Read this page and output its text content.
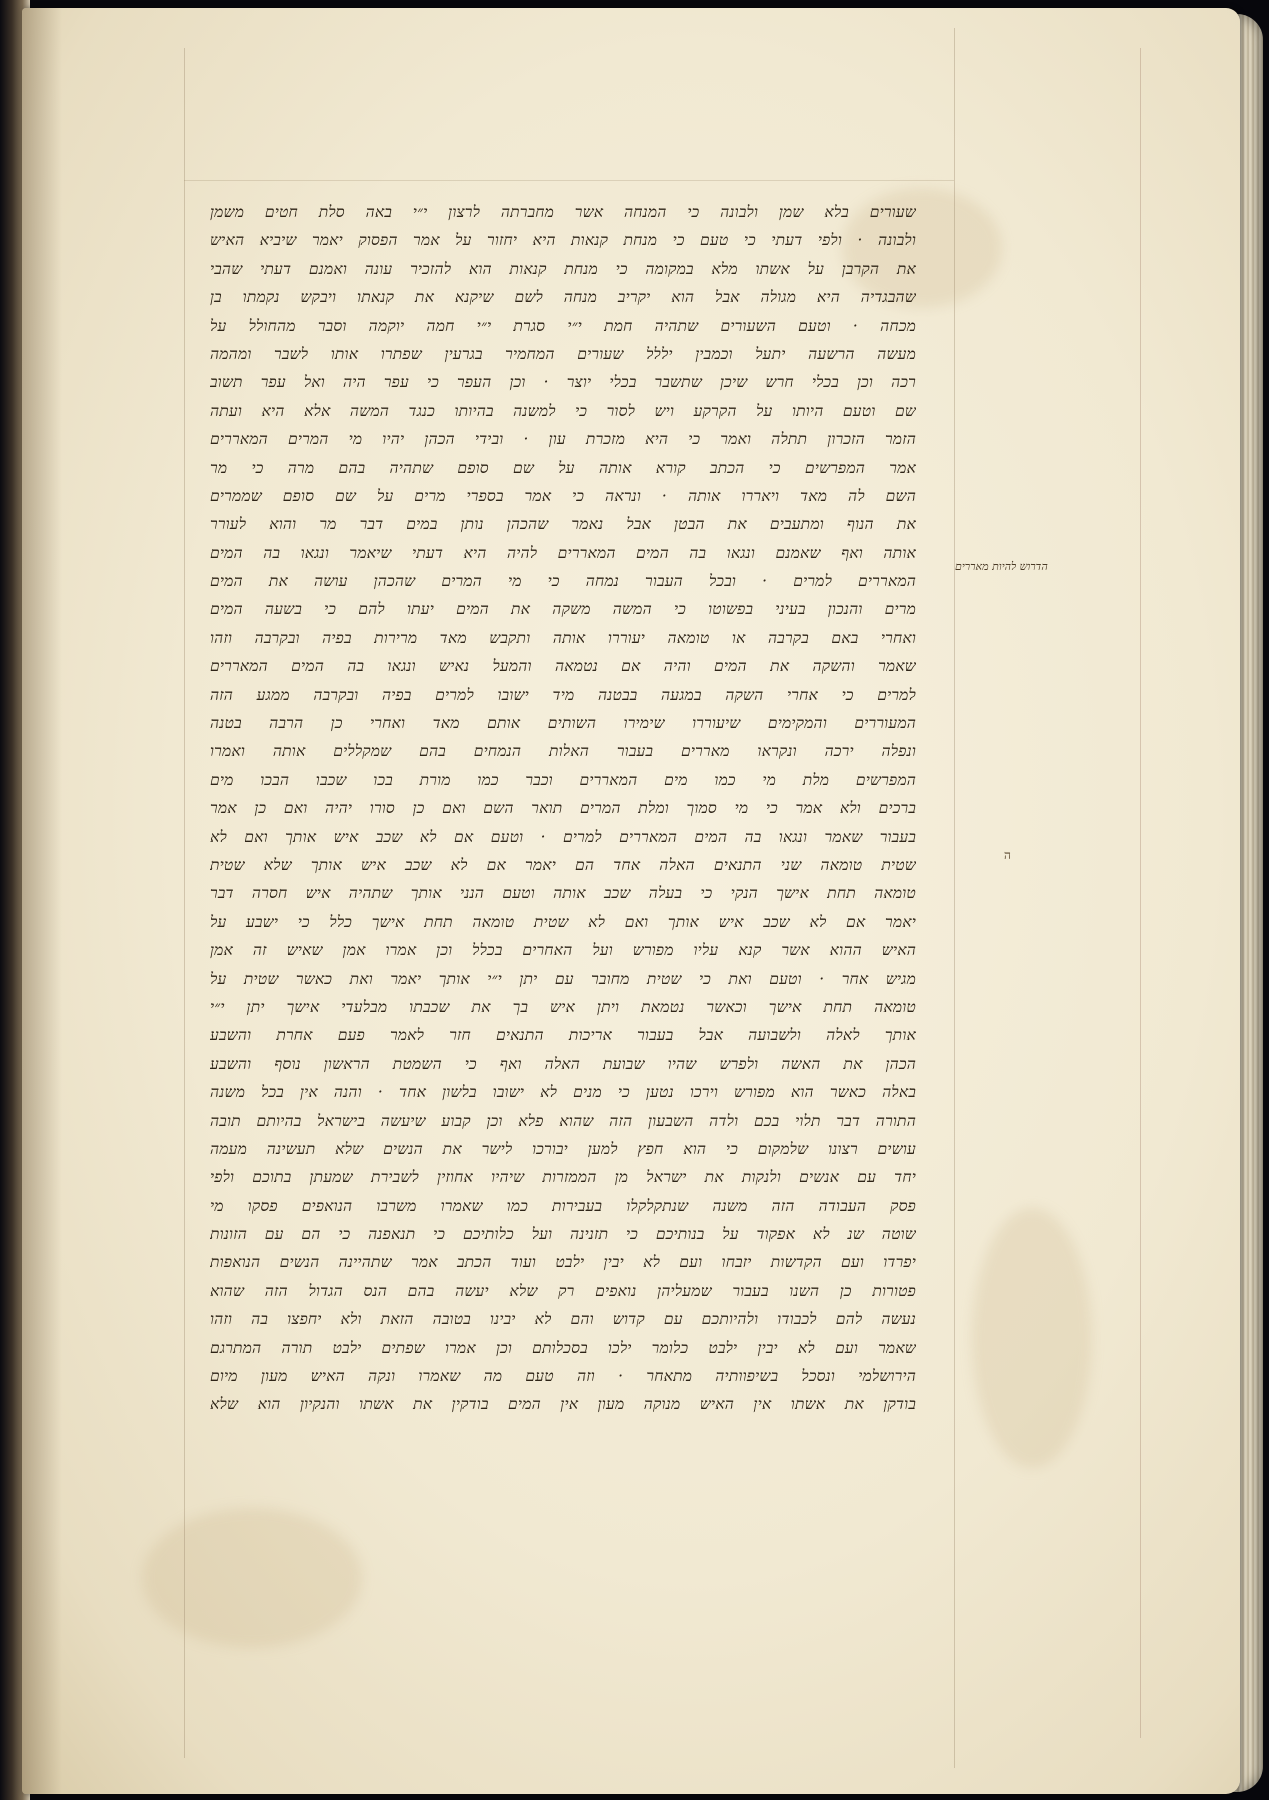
שעורים בלא שמן ולבונה כי המנחה אשר מחברתה לרצון י״י באה סלת חטים משמן
ולבונה · ולפי דעתי כי טעם כי מנחת קנאות היא יחזור על אמר הפסוק יאמר שיביא האיש
את הקרבן על אשתו מלא במקומה כי מנחת קנאות הוא להזכיר עונה ואמנם דעתי שהבי
שהבגדיה היא מגולה אבל הוא יקריב מנחה לשם שיקנא את קנאתו ויבקש נקמתו בן
מכחה · וטעם השעורים שתהיה חמת י״י סגרת י״י חמה יוקמה וסבר מהחולל על
מעשה הרשעה יתעל וכמבין יללל שעורים המחמיר בגרעין שפתרו אותו לשבר ומהמה
רכה וכן בכלי חרש שיכן שתשבר בכלי יוצר · וכן העפר כי עפר היה ואל עפר תשוב
שם וטעם היותו על הקרקע ויש לסור כי למשנה בהיותו כנגד המשה אלא היא ועתה
הזמר הזכרון תתלה ואמר כי היא מזכרת עון · ובידי הכהן יהיו מי המרים המאררים
אמר המפרשים כי הכתב קורא אותה על שם סופם שתהיה בהם מרה כי מר
השם לה מאד ויאררו אותה · ונראה כי אמר בספרי מרים על שם סופם שממרים
את הנוף ומתעבים את הבטן אבל נאמר שהכהן נותן במים דבר מר והוא לעורר
אותה ואף שאמנם ונגאו בה המים המאררים להיה היא דעתי שיאמר ונגאו בה המים
המאררים למרים · ובכל העבור נמחה כי מי המרים שהכהן עושה את המים
מרים והנכון בעיני בפשוטו כי המשה משקה את המים יעתו להם כי בשעה המים
ואחרי באם בקרבה או טומאה יעוררו אותה ותקבש מאד מרירות בפיה ובקרבה וזהו
שאמר והשקה את המים והיה אם נטמאה והמעל נאיש ונגאו בה המים המאררים
למרים כי אחרי השקה במגעה בבטנה מיד ישובו למרים בפיה ובקרבה ממגע הזה
המעוררים והמקימים שיעוררו שימירו השותים אותם מאד ואחרי כן הרבה בטנה
ונפלה ירכה ונקראו מאררים בעבור האלות הנמחים בהם שמקללים אותה ואמרו
המפרשים מלת מי כמו מים המאררים וכבר כמו מורת בכו שכבו הבכו מים
ברכים ולא אמר כי מי סמוך ומלת המרים תואר השם ואם כן סורו יהיה ואם כן אמר
בעבור שאמר ונגאו בה המים המאררים למרים · וטעם אם לא שכב איש אותך ואם לא
שטית טומאה שני התנאים האלה אחד הם יאמר אם לא שכב איש אותך שלא שטית
טומאה תחת אישך הנקי כי בעלה שכב אותה וטעם הנני אותך שתהיה איש חסרה דבר
יאמר אם לא שכב איש אותך ואם לא שטית טומאה תחת אישך כלל כי ישבע על
האיש ההוא אשר קנא עליו מפורש ועל האחרים בכלל וכן אמרו אמן שאיש זה אמן
מגיש אחר · וטעם ואת כי שטית מחובר עם יתן י״י אותך יאמר ואת כאשר שטית על
טומאה תחת אישך וכאשר נטמאת ויתן איש בך את שכבתו מבלעדי אישך יתן י״י
אותך לאלה ולשבועה אבל בעבור אריכות התנאים חזר לאמר פעם אחרת והשבע
הכהן את האשה ולפרש שהיו שבועת האלה ואף כי השמטת הראשון נוסף והשבע
באלה כאשר הוא מפורש וירכו נטען כי מנים לא ישובו בלשון אחד · והנה אין בכל משנה
התורה דבר תלוי בכם ולדה השבעון הזה שהוא פלא וכן קבוע שיעשה בישראל בהיותם תובה
עושים רצונו שלמקום כי הוא חפץ למען יבורכו לישר את הנשים שלא תעשינה מעמה
יחד עם אנשים ולנקות את ישראל מן הממזרות שיהיו אחוזין לשבירת שמעתן בתוכם ולפי
פסק העבודה הזה משנה שנתקלקלו בעבירות כמו שאמרו משרבו הנואפים פסקו מי
שוטה שנ לא אפקוד על בנותיכם כי תזנינה ועל כלותיכם כי תנאפנה כי הם עם הזונות
יפרדו ועם הקדשות יזבחו ועם לא יבין ילבט ועוד הכתב אמר שתהיינה הנשים הנואפות
פטורות כן השנו בעבור שמעליהן נואפים רק שלא יעשה בהם הנס הגדול הזה שהוא
נעשה להם לכבודו ולהיותכם עם קדוש והם לא יבינו בטובה הזאת ולא יחפצו בה וזהו
שאמר ועם לא יבין ילבט כלומר ילכו בסכלותם וכן אמרו שפתים ילבט תורה המתרגם
הירושלמי ונסכל בשיפוותיה מתאחר · וזה טעם מה שאמרו ונקה האיש מעון מיום
בודקן את אשתו אין האיש מנוקה מעון אין המים בודקין את אשתו והנקיון הוא שלא
הדרוש להיות מאררים
ה
